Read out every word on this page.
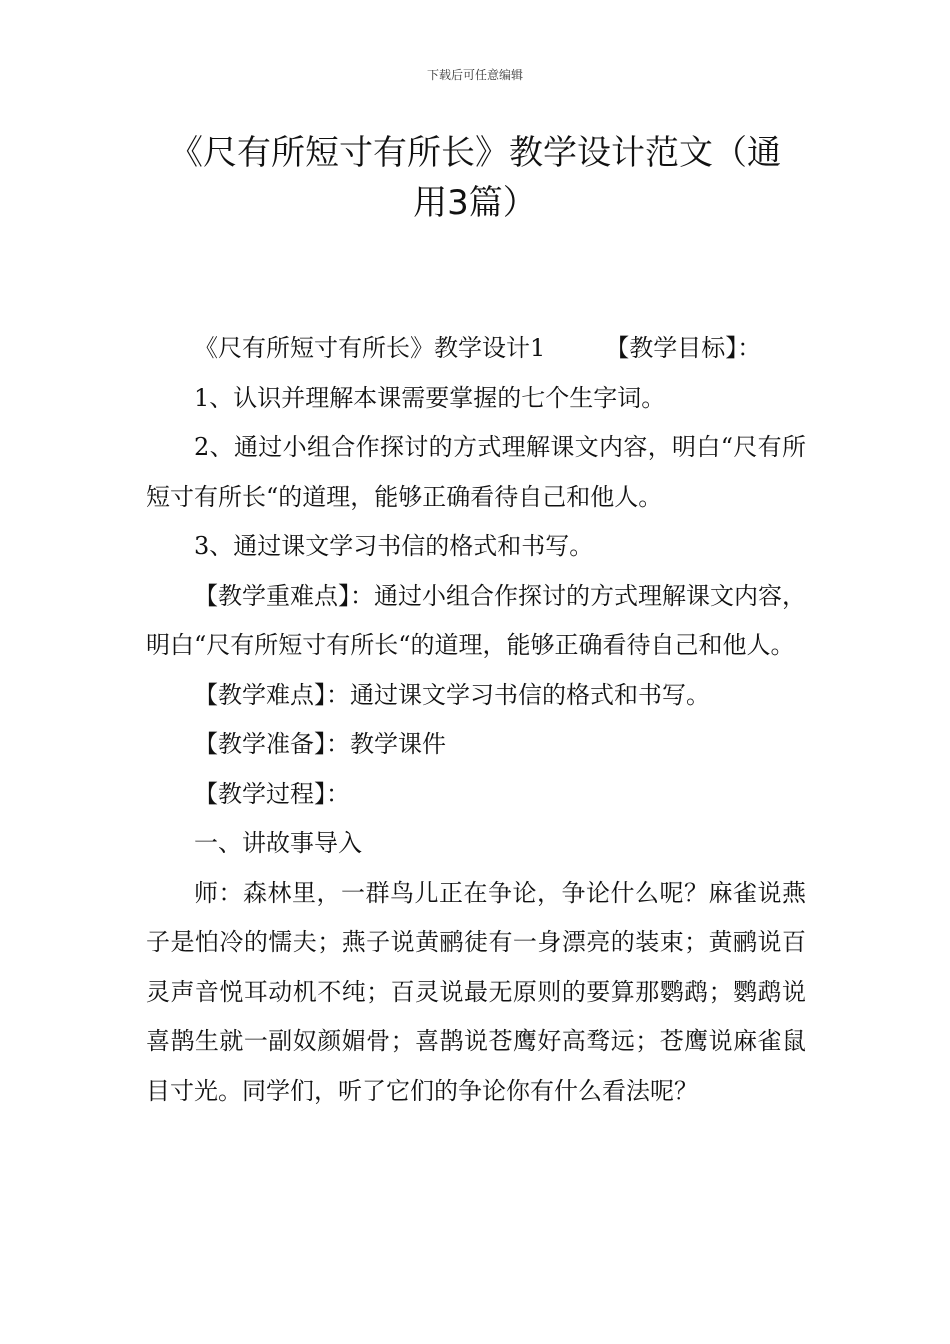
下载后可任意编辑
《尺有所短寸有所长》教学设计范文（通
用3篇）

《尺有所短寸有所长》教学设计1	【教学目标】：

1、认识并理解本课需要掌握的七个生字词。

2、通过小组合作探讨的方式理解课文内容，明白“尺有所短寸有所长“的道理，能够正确看待自己和他人。

3、通过课文学习书信的格式和书写。

【教学重难点】：通过小组合作探讨的方式理解课文内容，明白“尺有所短寸有所长“的道理，能够正确看待自己和他人。

【教学难点】：通过课文学习书信的格式和书写。

【教学准备】：教学课件

【教学过程】：

一、讲故事导入

师：森林里，一群鸟儿正在争论，争论什么呢？麻雀说燕子是怕冷的懦夫；燕子说黄鹂徒有一身漂亮的装束；黄鹂说百灵声音悦耳动机不纯；百灵说最无原则的要算那鹦鹉；鹦鹉说喜鹊生就一副奴颜媚骨；喜鹊说苍鹰好高骛远；苍鹰说麻雀鼠目寸光。同学们，听了它们的争论你有什么看法呢？
